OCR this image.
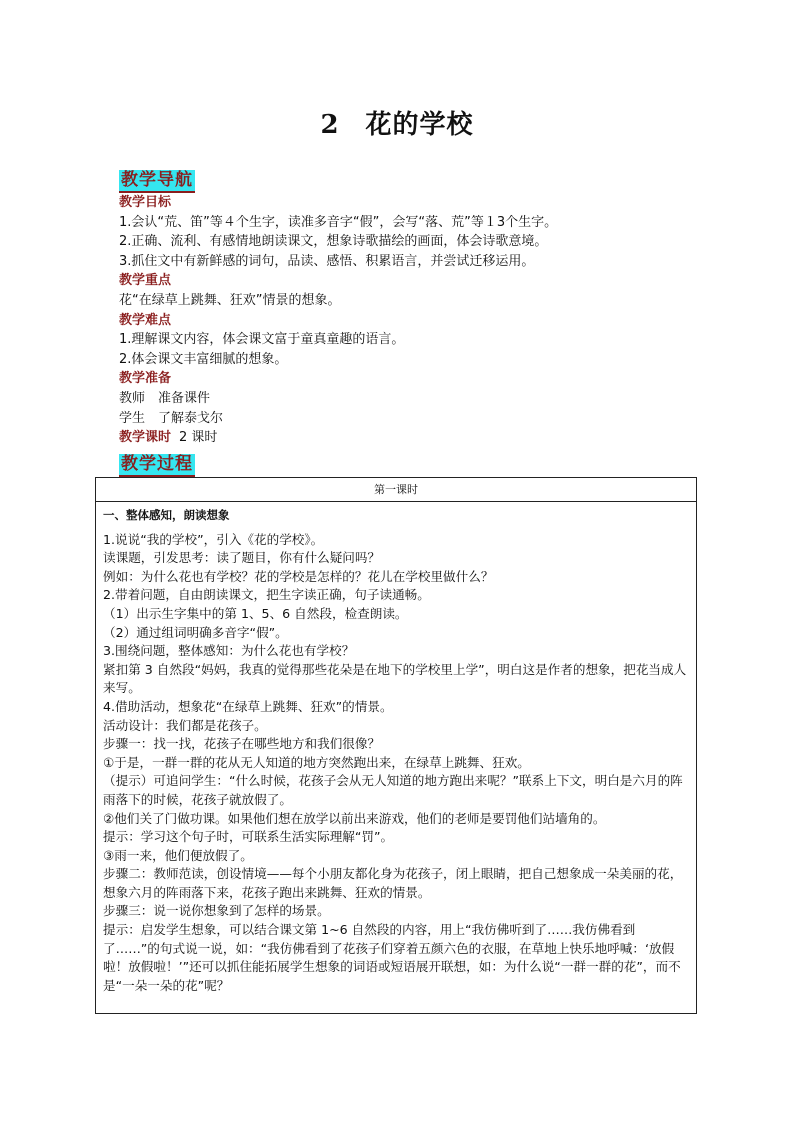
2 花的学校
教学导航
教学目标
1.会认“荒、笛”等４个生字，读准多音字“假”，会写“落、荒”等１3个生字。
2.正确、流利、有感情地朗读课文，想象诗歌描绘的画面，体会诗歌意境。
3.抓住文中有新鲜感的词句，品读、感悟、积累语言，并尝试迁移运用。
教学重点
花“在绿草上跳舞、狂欢”情景的想象。
教学难点
1.理解课文内容，体会课文富于童真童趣的语言。
2.体会课文丰富细腻的想象。
教学准备
教师　准备课件
学生　了解泰戈尔
教学课时 2 课时
教学过程
第一课时
一、整体感知，朗读想象

1.说说“我的学校”，引入《花的学校》。

读课题，引发思考：读了题目，你有什么疑问吗？

例如：为什么花也有学校？花的学校是怎样的？花儿在学校里做什么？

2.带着问题，自由朗读课文，把生字读正确，句子读通畅。

（1）出示生字集中的第 1、5、6 自然段，检查朗读。

（2）通过组词明确多音字“假”。

3.围绕问题，整体感知：为什么花也有学校？

紧扣第 3 自然段“妈妈，我真的觉得那些花朵是在地下的学校里上学”，明白这是作者的想象，把花当成人来写。

4.借助活动，想象花“在绿草上跳舞、狂欢”的情景。

活动设计：我们都是花孩子。

步骤一：找一找，花孩子在哪些地方和我们很像？

①于是，一群一群的花从无人知道的地方突然跑出来，在绿草上跳舞、狂欢。

（提示）可追问学生：“什么时候，花孩子会从无人知道的地方跑出来呢？”联系上下文，明白是六月的阵雨落下的时候，花孩子就放假了。

②他们关了门做功课。如果他们想在放学以前出来游戏，他们的老师是要罚他们站墙角的。

提示：学习这个句子时，可联系生活实际理解“罚”。

③雨一来，他们便放假了。

步骤二：教师范读，创设情境——每个小朋友都化身为花孩子，闭上眼睛，把自己想象成一朵美丽的花，想象六月的阵雨落下来，花孩子跑出来跳舞、狂欢的情景。

步骤三：说一说你想象到了怎样的场景。

提示：启发学生想象，可以结合课文第 1~6 自然段的内容，用上“我仿佛听到了……我仿佛看到了……”的句式说一说，如：“我仿佛看到了花孩子们穿着五颜六色的衣服，在草地上快乐地呼喊：‘放假啦！放假啦！’”还可以抓住能拓展学生想象的词语或短语展开联想，如：为什么说“一群一群的花”，而不是“一朵一朵的花”呢？
